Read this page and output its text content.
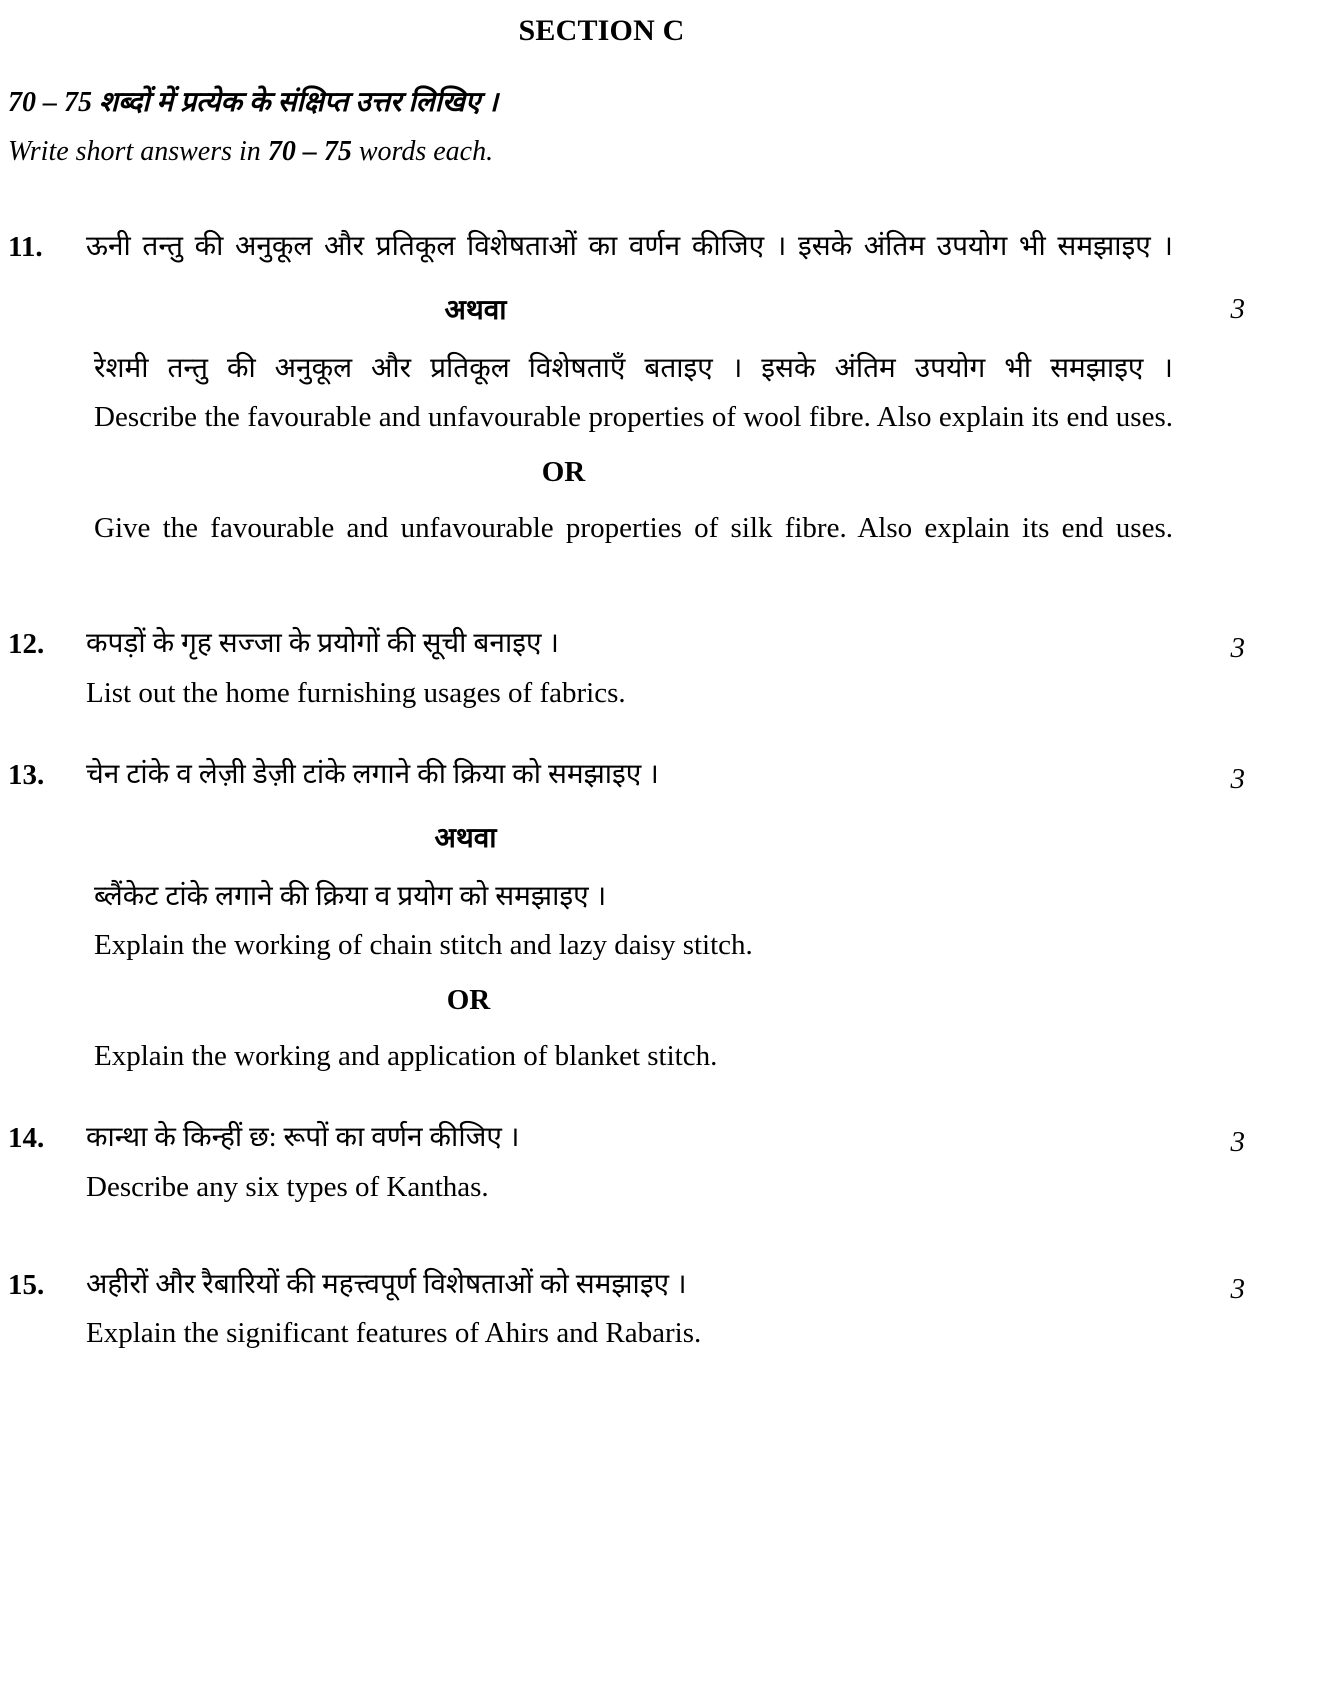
SECTION C
70 – 75 शब्दों में प्रत्येक के संक्षिप्त उत्तर लिखिए ।
Write short answers in 70 – 75 words each.
3
11.	ऊनी तन्तु की अनुकूल और प्रतिकूल विशेषताओं का वर्णन कीजिए । इसके अंतिम उपयोग भी समझाइए ।
अथवा
रेशमी तन्तु की अनुकूल और प्रतिकूल विशेषताएँ बताइए । इसके अंतिम उपयोग भी समझाइए ।
Describe the favourable and unfavourable properties of wool fibre. Also explain its end uses.
OR
Give the favourable and unfavourable properties of silk fibre. Also explain its end uses.
3
12.	कपड़ों के गृह सज्जा के प्रयोगों की सूची बनाइए ।
List out the home furnishing usages of fabrics.
3
13.	चेन टांके व लेज़ी डेज़ी टांके लगाने की क्रिया को समझाइए ।
अथवा
ब्लैंकेट टांके लगाने की क्रिया व प्रयोग को समझाइए ।
Explain the working of chain stitch and lazy daisy stitch.
OR
Explain the working and application of blanket stitch.
3
14.	कान्था के किन्हीं छ: रूपों का वर्णन कीजिए ।
Describe any six types of Kanthas.
3
15.	अहीरों और रैबारियों की महत्त्वपूर्ण विशेषताओं को समझाइए ।
Explain the significant features of Ahirs and Rabaris.
